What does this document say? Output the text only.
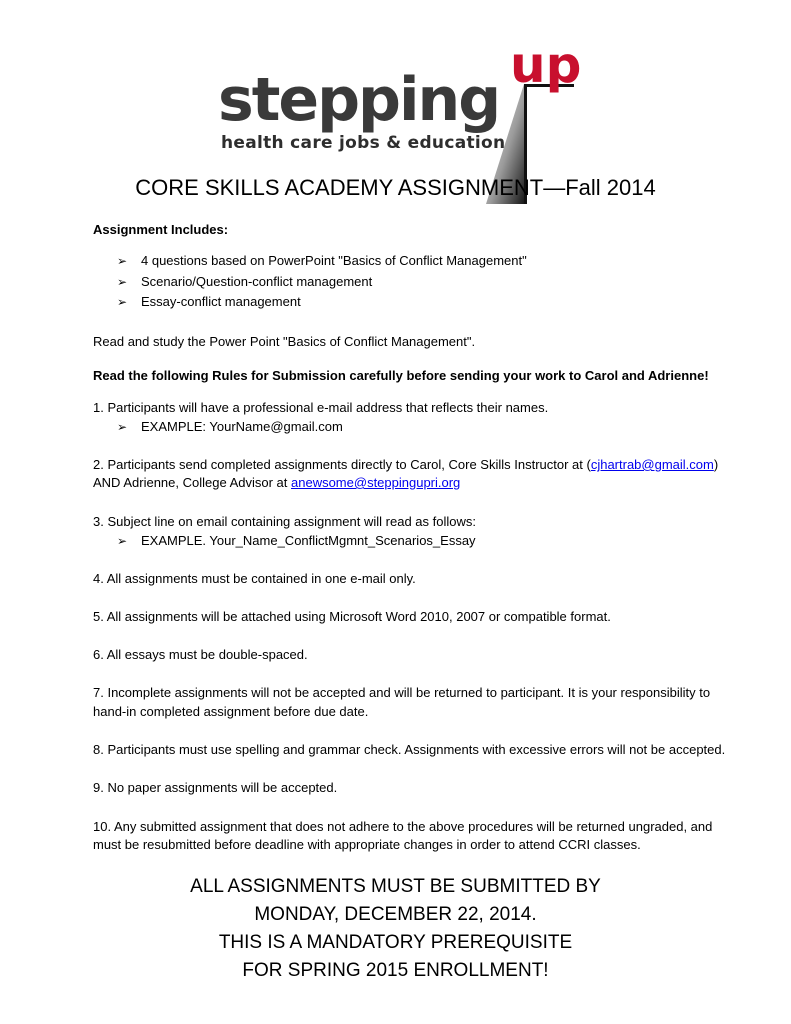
stepping up
health care jobs & education
CORE SKILLS ACADEMY ASSIGNMENT—Fall 2014
Assignment Includes:
➢ 4 questions based on PowerPoint "Basics of Conflict Management"
➢ Scenario/Question-conflict management
➢ Essay-conflict management
Read and study the Power Point "Basics of Conflict Management".
Read the following Rules for Submission carefully before sending your work to Carol and Adrienne!
1. Participants will have a professional e-mail address that reflects their names.
➢ EXAMPLE: YourName@gmail.com
2. Participants send completed assignments directly to Carol, Core Skills Instructor at (cjhartrab@gmail.com)
AND Adrienne, College Advisor at anewsome@steppingupri.org
3. Subject line on email containing assignment will read as follows:
➢ EXAMPLE. Your_Name_ConflictMgmnt_Scenarios_Essay
4. All assignments must be contained in one e-mail only.
5. All assignments will be attached using Microsoft Word 2010, 2007 or compatible format.
6. All essays must be double-spaced.
7. Incomplete assignments will not be accepted and will be returned to participant. It is your responsibility to
hand-in completed assignment before due date.
8. Participants must use spelling and grammar check. Assignments with excessive errors will not be accepted.
9. No paper assignments will be accepted.
10. Any submitted assignment that does not adhere to the above procedures will be returned ungraded, and
must be resubmitted before deadline with appropriate changes in order to attend CCRI classes.
ALL ASSIGNMENTS MUST BE SUBMITTED BY
MONDAY, DECEMBER 22, 2014.
THIS IS A MANDATORY PREREQUISITE
FOR SPRING 2015 ENROLLMENT!
